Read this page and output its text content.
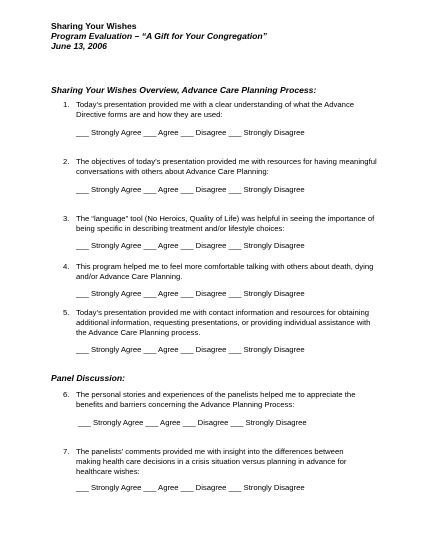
Sharing Your Wishes
Program Evaluation – “A Gift for Your Congregation”
June 13, 2006
Sharing Your Wishes Overview, Advance Care Planning Process:
1. Today’s presentation provided me with a clear understanding of what the Advance
Directive forms are and how they are used:
___ Strongly Agree ___ Agree ___ Disagree ___ Strongly Disagree
2. The objectives of today’s presentation provided me with resources for having meaningful
conversations with others about Advance Care Planning:
___ Strongly Agree ___ Agree ___ Disagree ___ Strongly Disagree
3. The “language” tool (No Heroics, Quality of Life) was helpful in seeing the importance of
being specific in describing treatment and/or lifestyle choices:
___ Strongly Agree ___ Agree ___ Disagree ___ Strongly Disagree
4. This program helped me to feel more comfortable talking with others about death, dying
and/or Advance Care Planning.
___ Strongly Agree ___ Agree ___ Disagree ___ Strongly Disagree
5. Today’s presentation provided me with contact information and resources for obtaining
additional information, requesting presentations, or providing individual assistance with
the Advance Care Planning process.
___ Strongly Agree ___ Agree ___ Disagree ___ Strongly Disagree
Panel Discussion:
6. The personal stories and experiences of the panelists helped me to appreciate the
benefits and barriers concerning the Advance Planning Process:
___ Strongly Agree ___ Agree ___ Disagree ___ Strongly Disagree
7. The panelists’ comments provided me with insight into the differences between
making health care decisions in a crisis situation versus planning in advance for
healthcare wishes:
___ Strongly Agree ___ Agree ___ Disagree ___ Strongly Disagree
